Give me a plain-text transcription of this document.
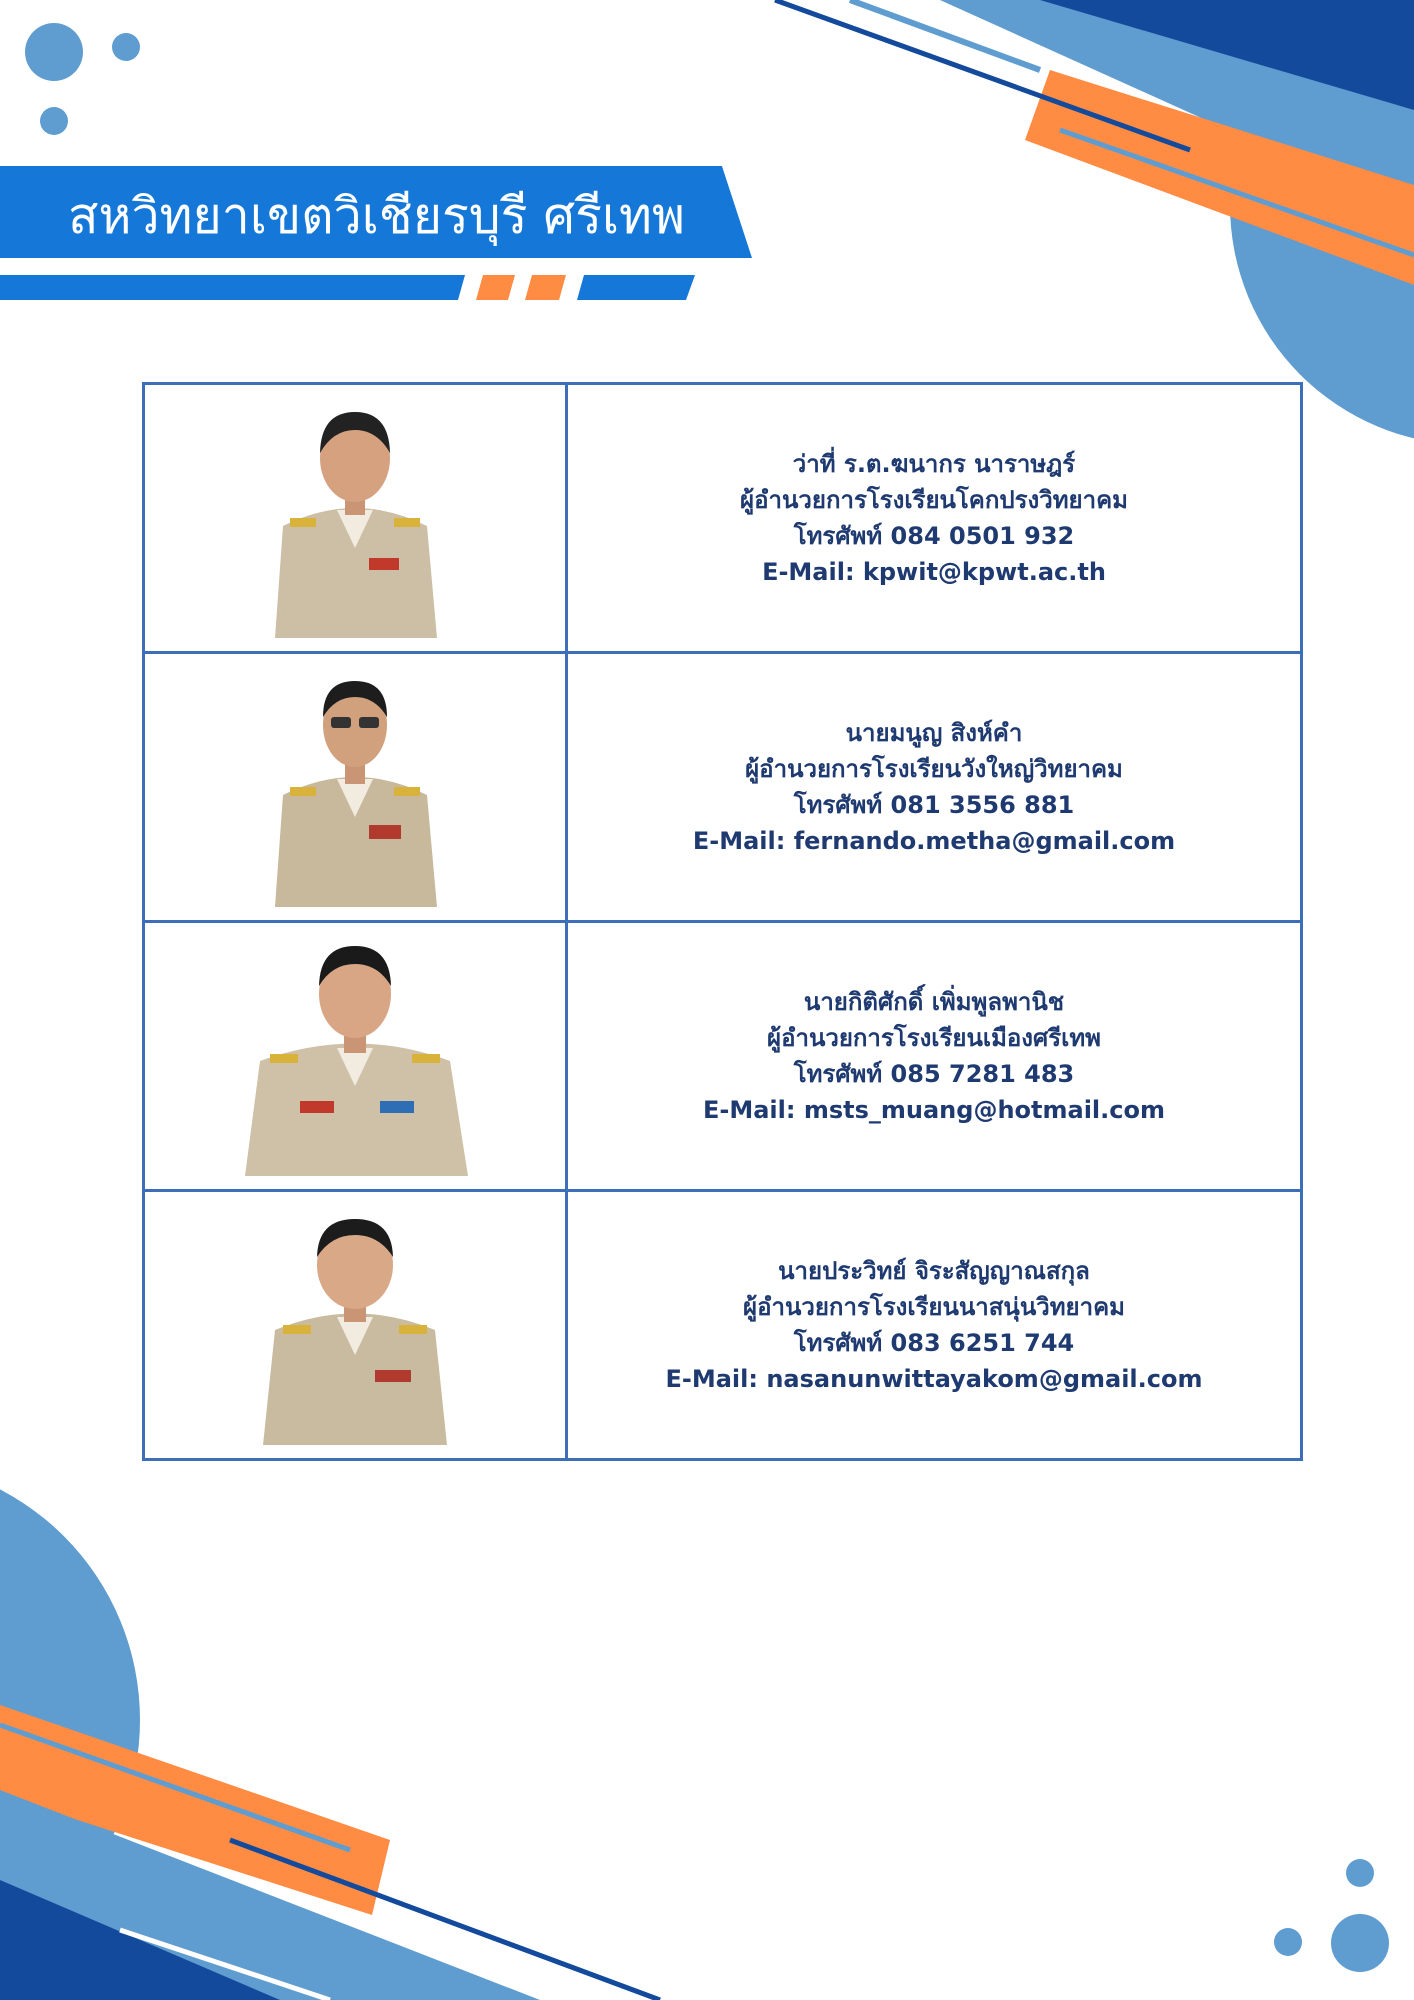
สหวิทยาเขตวิเชียรบุรี ศรีเทพ

ว่าที่ ร.ต.ฆนากร นาราษฎร์
ผู้อำนวยการโรงเรียนโคกปรงวิทยาคม
โทรศัพท์ 084 0501 932
E-Mail: kpwit@kpwt.ac.th

นายมนูญ สิงห์คำ
ผู้อำนวยการโรงเรียนวังใหญ่วิทยาคม
โทรศัพท์ 081 3556 881
E-Mail: fernando.metha@gmail.com

นายกิติศักดิ์ เพิ่มพูลพานิช
ผู้อำนวยการโรงเรียนเมืองศรีเทพ
โทรศัพท์ 085 7281 483
E-Mail: msts_muang@hotmail.com

นายประวิทย์ จิระสัญญาณสกุล
ผู้อำนวยการโรงเรียนนาสนุ่นวิทยาคม
โทรศัพท์ 083 6251 744
E-Mail: nasanunwittayakom@gmail.com
